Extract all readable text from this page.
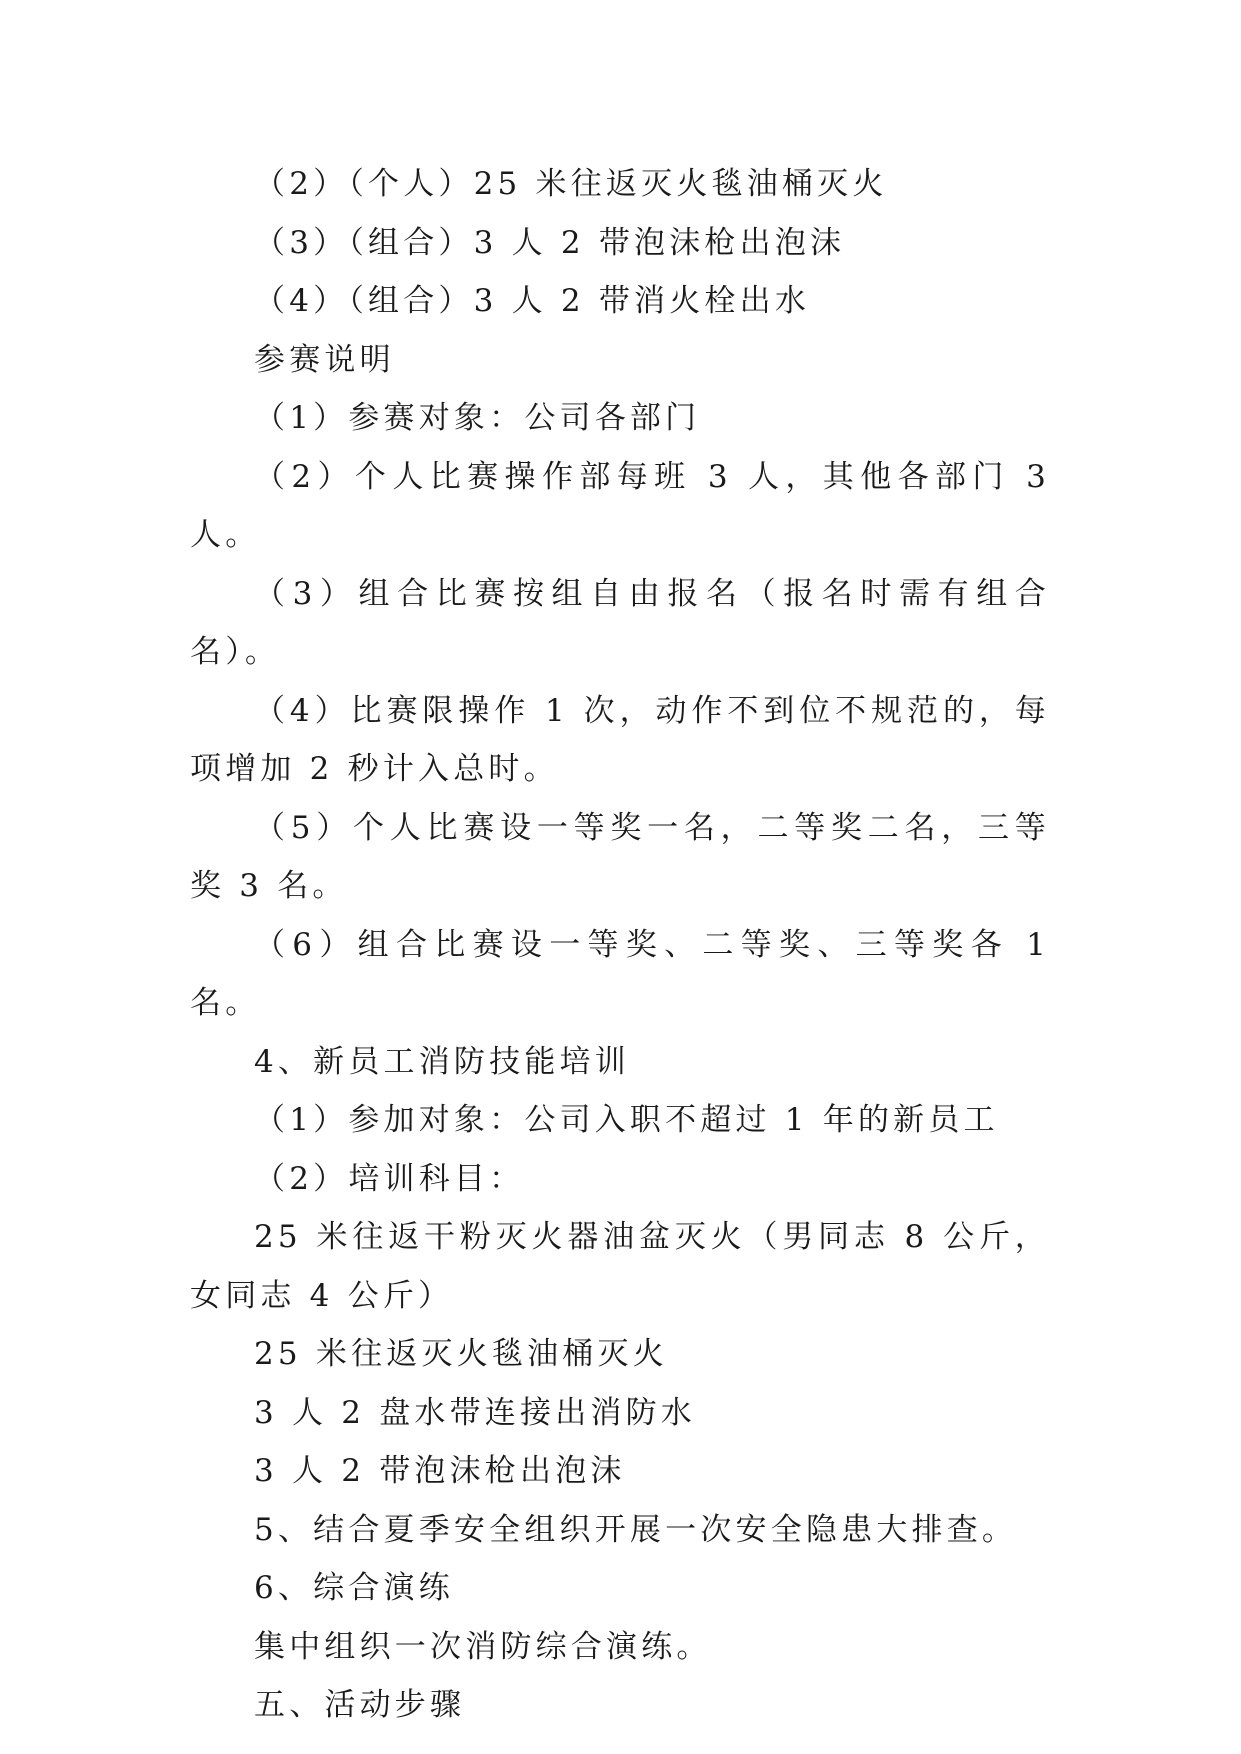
（2）（个人）25 米往返灭火毯油桶灭火

（3）（组合）3 人 2 带泡沫枪出泡沫

（4）（组合）3 人 2 带消火栓出水

参赛说明

（1）参赛对象：公司各部门

（2）个人比赛操作部每班 3 人，其他各部门 3 人。

（3）组合比赛按组自由报名（报名时需有组合名）。

（4）比赛限操作 1 次，动作不到位不规范的，每项增加 2 秒计入总时。

（5）个人比赛设一等奖一名，二等奖二名，三等奖 3 名。

（6）组合比赛设一等奖、二等奖、三等奖各 1 名。

4、新员工消防技能培训

（1）参加对象：公司入职不超过 1 年的新员工

（2）培训科目：

25 米往返干粉灭火器油盆灭火（男同志 8 公斤，女同志 4 公斤）

25 米往返灭火毯油桶灭火

3 人 2 盘水带连接出消防水

3 人 2 带泡沫枪出泡沫

5、结合夏季安全组织开展一次安全隐患大排查。

6、综合演练

集中组织一次消防综合演练。

五、活动步骤
